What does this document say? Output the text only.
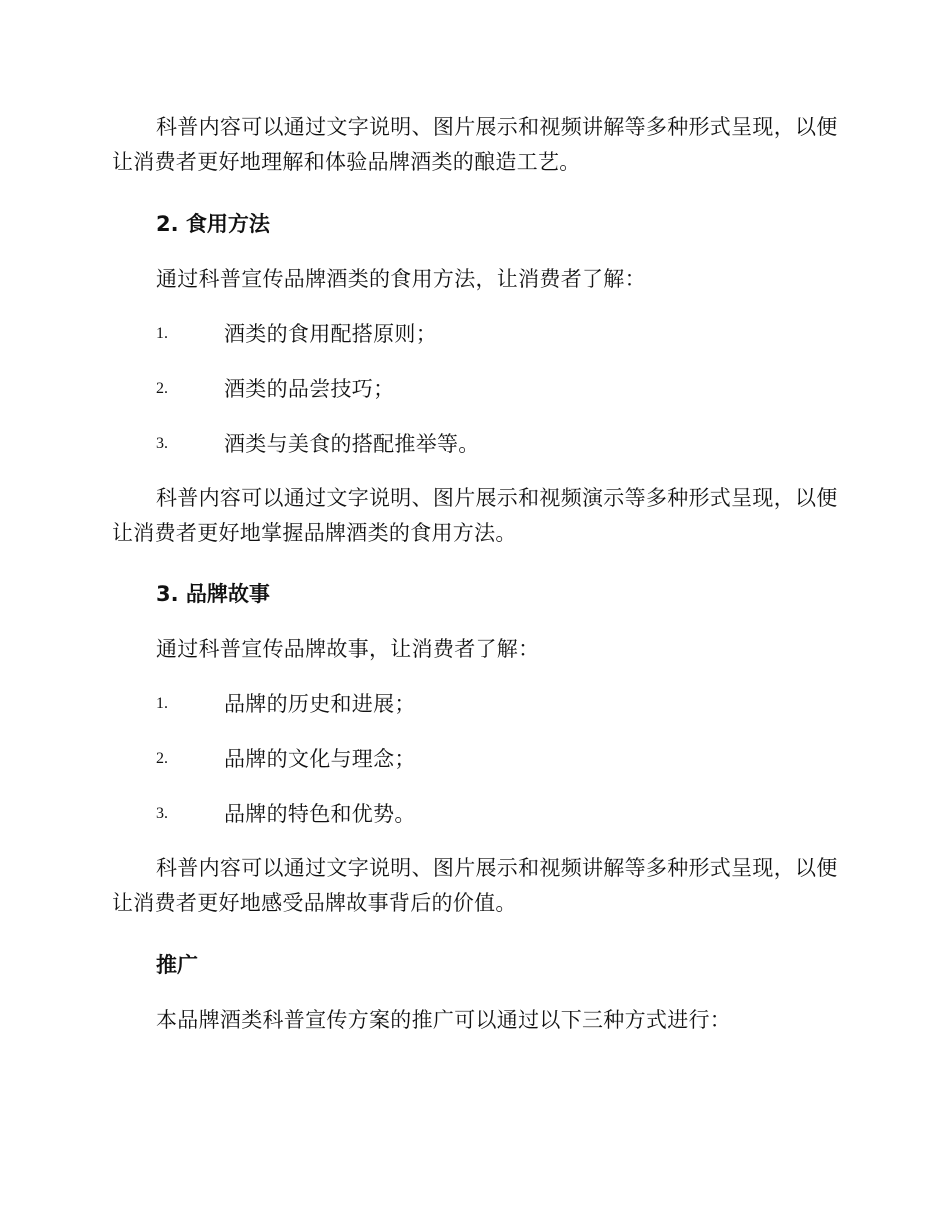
科普内容可以通过文字说明、图片展示和视频讲解等多种形式呈现，以便让消费者更好地理解和体验品牌酒类的酿造工艺。

2. 食用方法

通过科普宣传品牌酒类的食用方法，让消费者了解：

1.	酒类的食用配搭原则；
2.	酒类的品尝技巧；
3.	酒类与美食的搭配推举等。

科普内容可以通过文字说明、图片展示和视频演示等多种形式呈现，以便让消费者更好地掌握品牌酒类的食用方法。

3. 品牌故事

通过科普宣传品牌故事，让消费者了解：

1.	品牌的历史和进展；
2.	品牌的文化与理念；
3.	品牌的特色和优势。

科普内容可以通过文字说明、图片展示和视频讲解等多种形式呈现，以便让消费者更好地感受品牌故事背后的价值。

推广

本品牌酒类科普宣传方案的推广可以通过以下三种方式进行：
